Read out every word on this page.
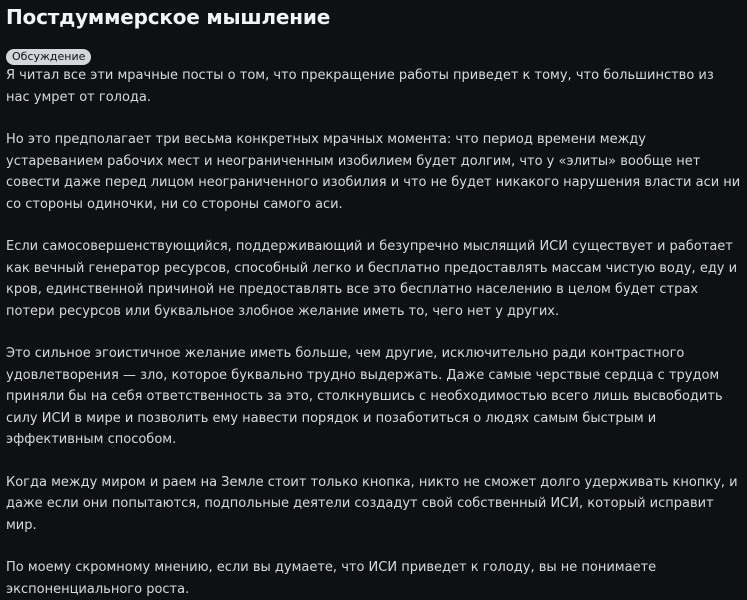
Постдуммерское мышление
Обсуждение

Я читал все эти мрачные посты о том, что прекращение работы приведет к тому, что большинство из нас умрет от голода.

Но это предполагает три весьма конкретных мрачных момента: что период времени между устареванием рабочих мест и неограниченным изобилием будет долгим, что у «элиты» вообще нет совести даже перед лицом неограниченного изобилия и что не будет никакого нарушения власти аси ни со стороны одиночки, ни со стороны самого аси.

Если самосовершенствующийся, поддерживающий и безупречно мыслящий ИСИ существует и работает как вечный генератор ресурсов, способный легко и бесплатно предоставлять массам чистую воду, еду и кров, единственной причиной не предоставлять все это бесплатно населению в целом будет страх потери ресурсов или буквальное злобное желание иметь то, чего нет у других.

Это сильное эгоистичное желание иметь больше, чем другие, исключительно ради контрастного удовлетворения — зло, которое буквально трудно выдержать. Даже самые черствые сердца с трудом приняли бы на себя ответственность за это, столкнувшись с необходимостью всего лишь высвободить силу ИСИ в мире и позволить ему навести порядок и позаботиться о людях самым быстрым и эффективным способом.

Когда между миром и раем на Земле стоит только кнопка, никто не сможет долго удерживать кнопку, и даже если они попытаются, подпольные деятели создадут свой собственный ИСИ, который исправит мир.

По моему скромному мнению, если вы думаете, что ИСИ приведет к голоду, вы не понимаете экспоненциального роста.
